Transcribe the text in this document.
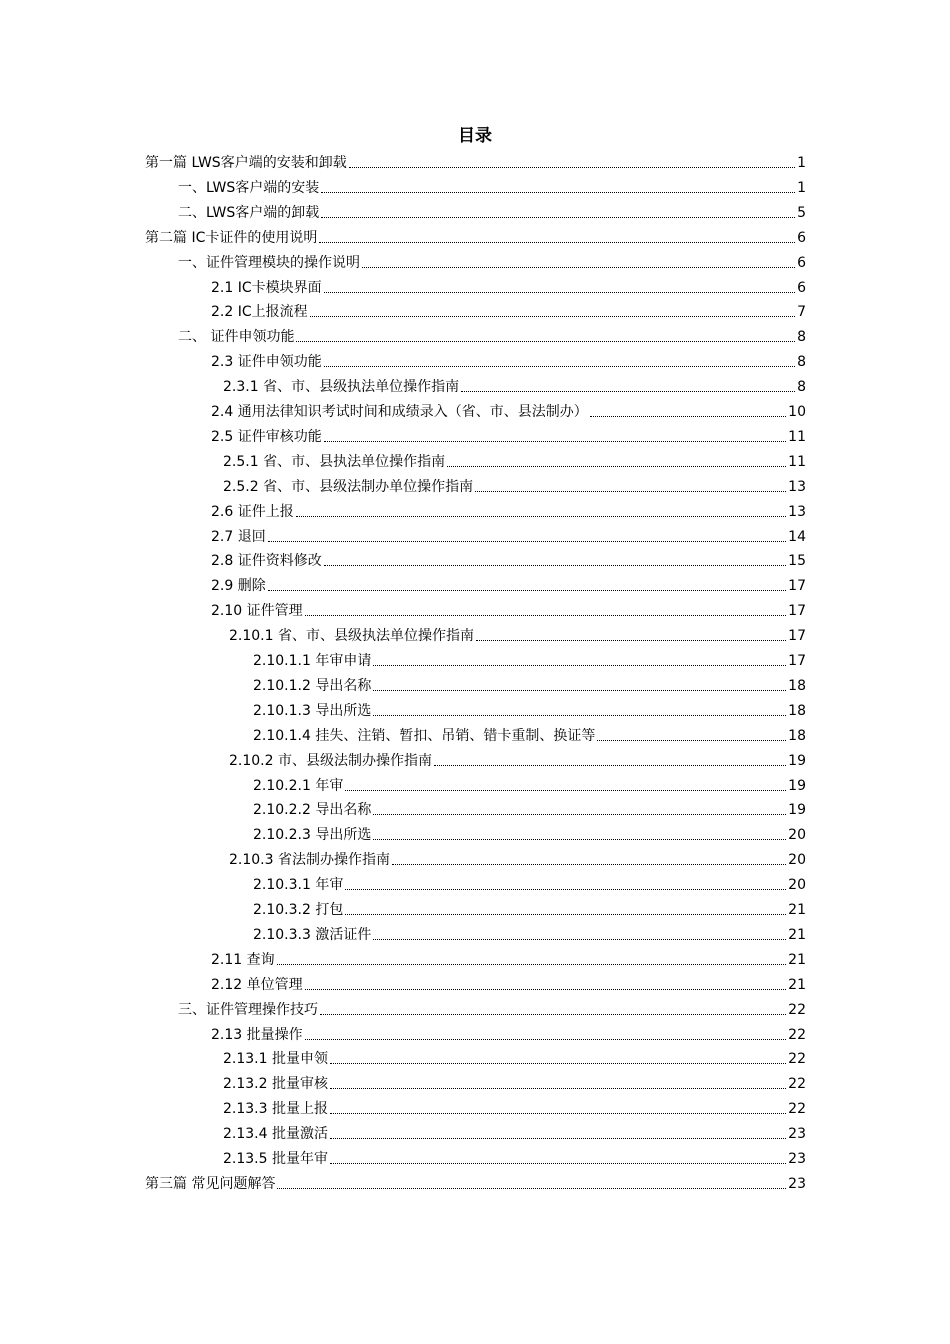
目录
第一篇 LWS客户端的安装和卸载	1
一、LWS客户端的安装	1
二、LWS客户端的卸载	5
第二篇 IC卡证件的使用说明	6
一、证件管理模块的操作说明	6
2.1 IC卡模块界面	6
2.2 IC上报流程	7
二、 证件申领功能	8
2.3 证件申领功能	8
2.3.1 省、市、县级执法单位操作指南	8
2.4 通用法律知识考试时间和成绩录入（省、市、县法制办）	10
2.5 证件审核功能	11
2.5.1 省、市、县执法单位操作指南	11
2.5.2 省、市、县级法制办单位操作指南	13
2.6 证件上报	13
2.7 退回	14
2.8 证件资料修改	15
2.9 删除	17
2.10 证件管理	17
2.10.1 省、市、县级执法单位操作指南	17
2.10.1.1 年审申请	17
2.10.1.2 导出名称	18
2.10.1.3 导出所选	18
2.10.1.4 挂失、注销、暂扣、吊销、错卡重制、换证等	18
2.10.2 市、县级法制办操作指南	19
2.10.2.1 年审	19
2.10.2.2 导出名称	19
2.10.2.3 导出所选	20
2.10.3 省法制办操作指南	20
2.10.3.1 年审	20
2.10.3.2 打包	21
2.10.3.3 激活证件	21
2.11 查询	21
2.12 单位管理	21
三、证件管理操作技巧	22
2.13 批量操作	22
2.13.1 批量申领	22
2.13.2 批量审核	22
2.13.3 批量上报	22
2.13.4 批量激活	23
2.13.5 批量年审	23
第三篇 常见问题解答	23
